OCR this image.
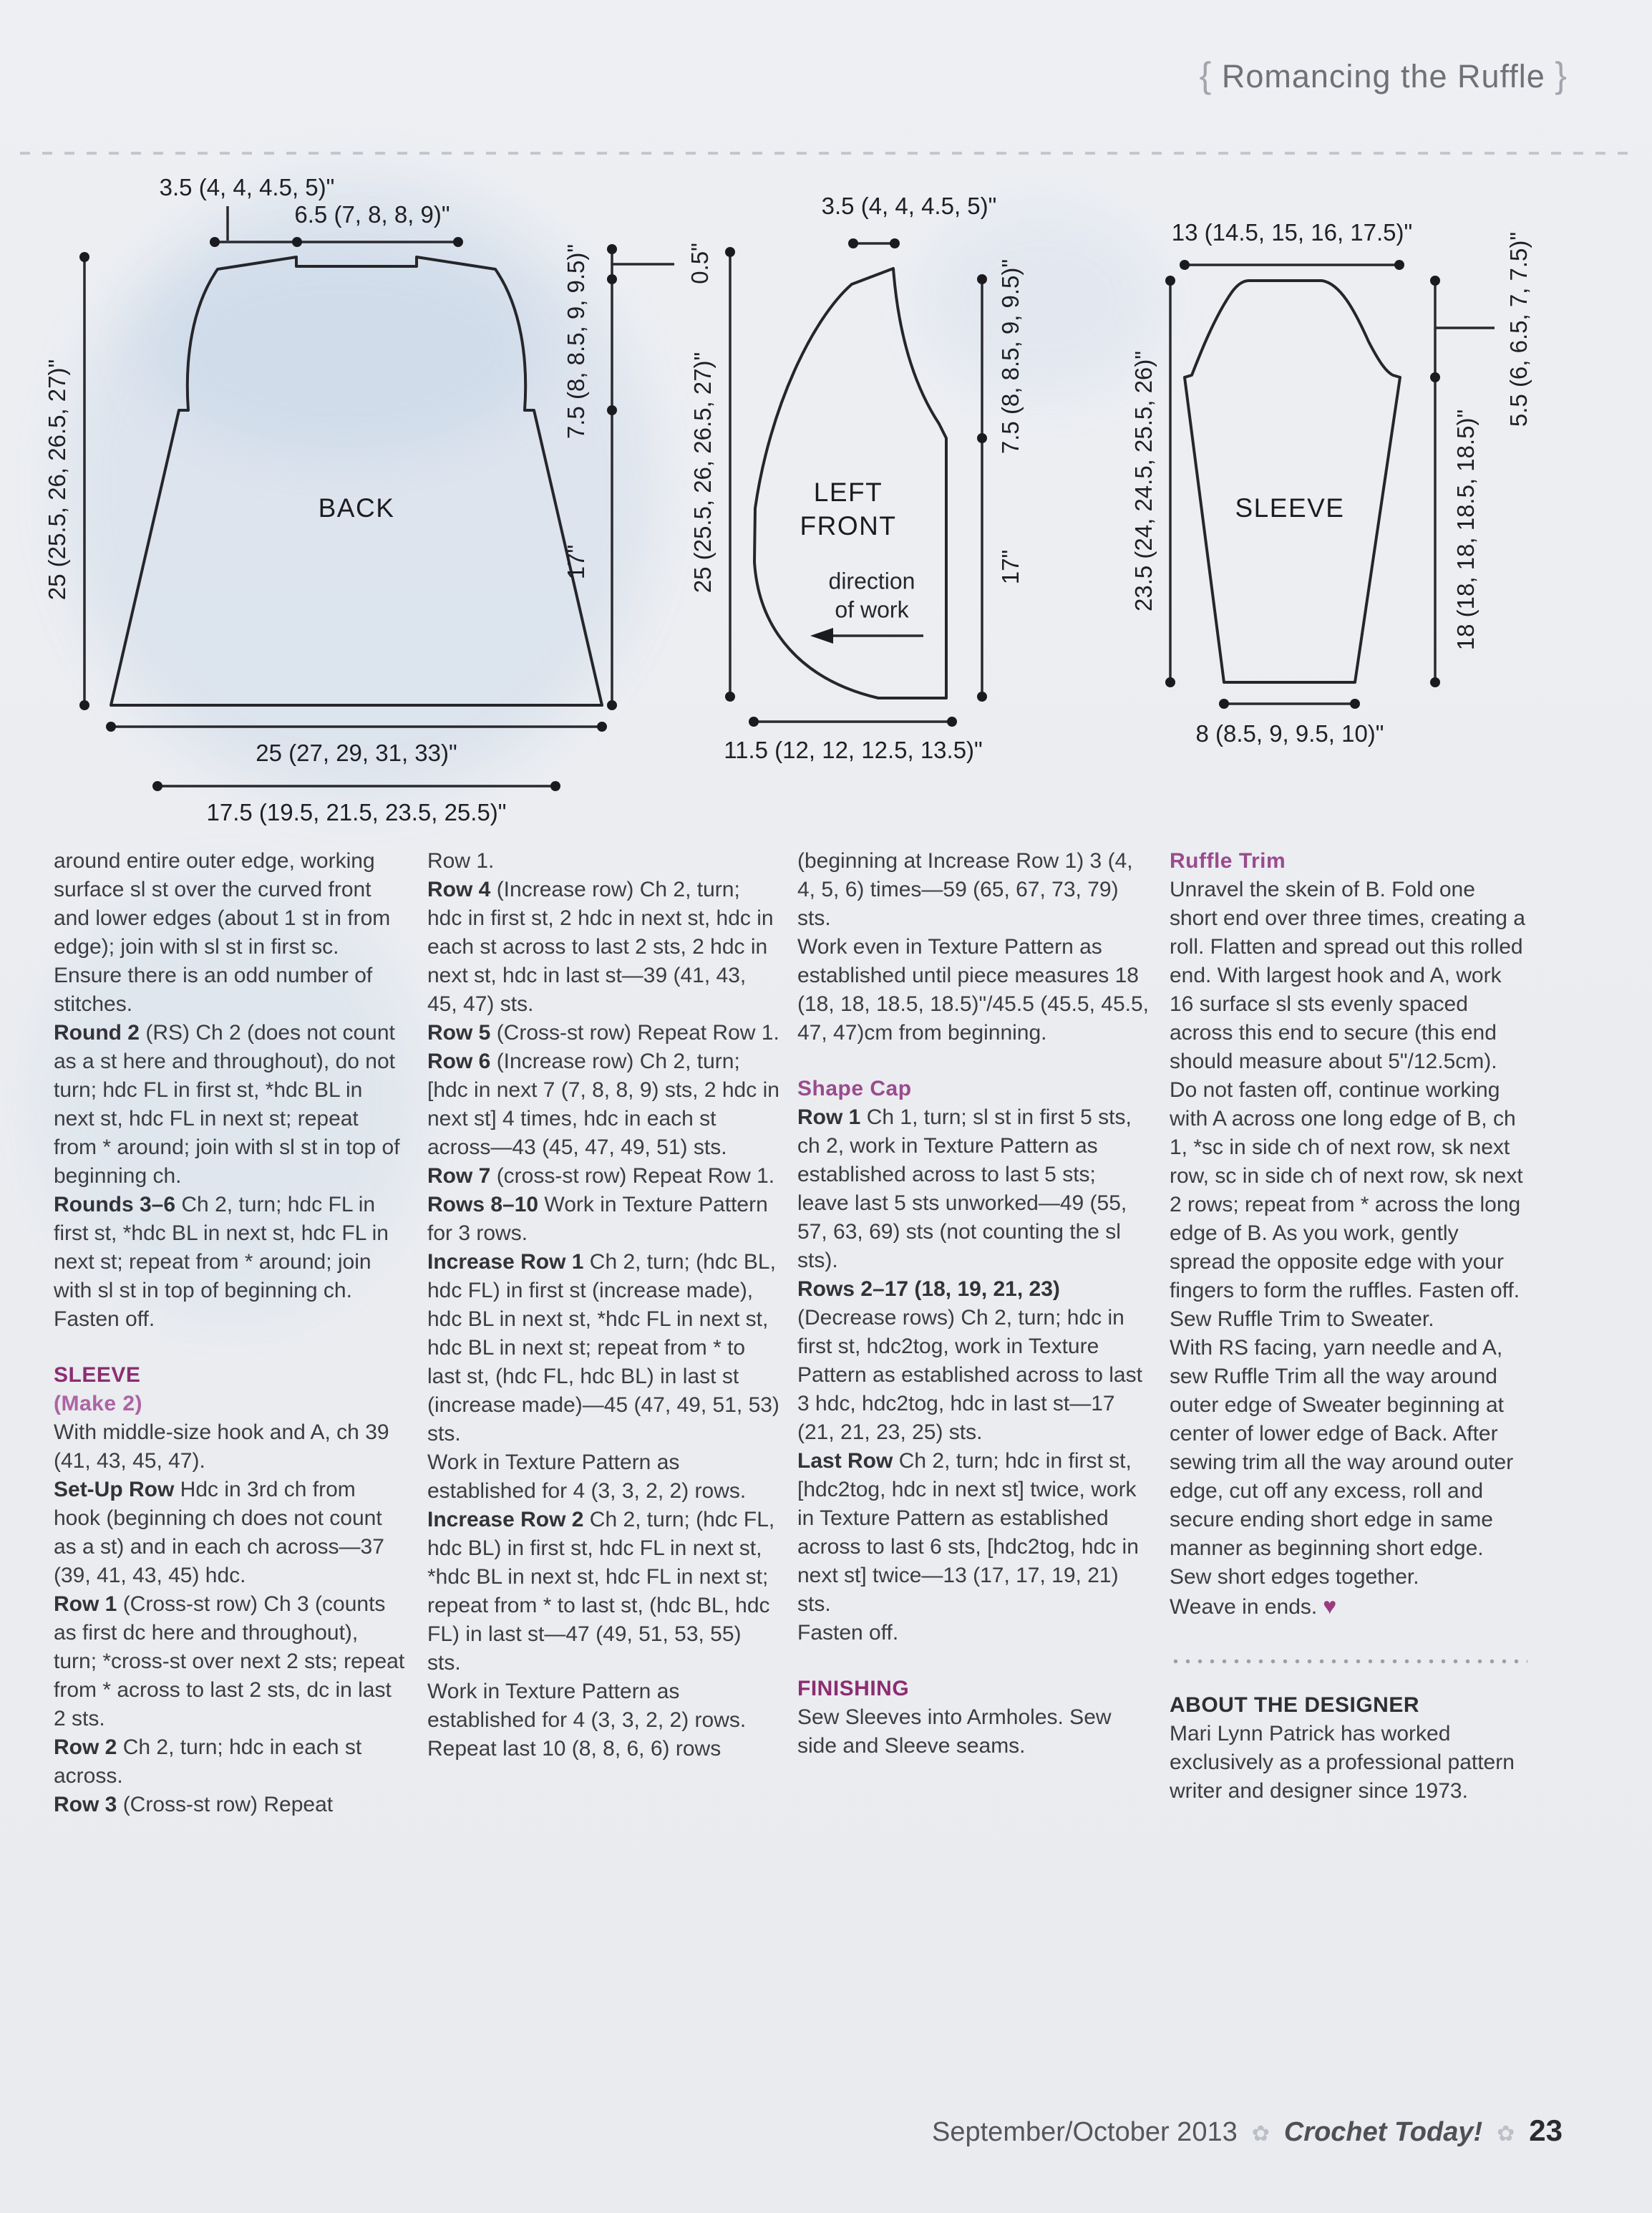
{ Romancing the Ruffle }
3.5 (4, 4, 4.5, 5)"
6.5 (7, 8, 8, 9)"
25 (25.5, 26, 26.5, 27)"
0.5"
7.5 (8, 8.5, 9, 9.5)"
17"
BACK
25 (27, 29, 31, 33)"
17.5 (19.5, 21.5, 23.5, 25.5)"
3.5 (4, 4, 4.5, 5)"
25 (25.5, 26, 26.5, 27)"	7.5 (8, 8.5, 9, 9.5)"
17"
LEFT
FRONT
direction
of work
11.5 (12, 12, 12.5, 13.5)"
13 (14.5, 15, 16, 17.5)"
23.5 (24, 24.5, 25.5, 26)"
5.5 (6, 6.5, 7, 7.5)"
18 (18, 18, 18.5, 18.5)"
SLEEVE
8 (8.5, 9, 9.5, 10)"

around entire outer edge, working surface sl st over the curved front and lower edges (about 1 st in from edge); join with sl st in first sc. Ensure there is an odd number of stitches.

Round 2 (RS) Ch 2 (does not count as a st here and throughout), do not turn; hdc FL in first st, *hdc BL in next st, hdc FL in next st; repeat from * around; join with sl st in top of beginning ch.

Rounds 3–6 Ch 2, turn; hdc FL in first st, *hdc BL in next st, hdc FL in next st; repeat from * around; join with sl st in top of beginning ch.

Fasten off.

SLEEVE
(Make 2)

With middle-size hook and A, ch 39 (41, 43, 45, 47).

Set-Up Row Hdc in 3rd ch from hook (beginning ch does not count as a st) and in each ch across—37 (39, 41, 43, 45) hdc.

Row 1 (Cross-st row) Ch 3 (counts as first dc here and throughout), turn; *cross-st over next 2 sts; repeat from * across to last 2 sts, dc in last 2 sts.

Row 2 Ch 2, turn; hdc in each st across.

Row 3 (Cross-st row) Repeat

Row 1.

Row 4 (Increase row) Ch 2, turn; hdc in first st, 2 hdc in next st, hdc in each st across to last 2 sts, 2 hdc in next st, hdc in last st—39 (41, 43, 45, 47) sts.

Row 5 (Cross-st row) Repeat Row 1.

Row 6 (Increase row) Ch 2, turn; [hdc in next 7 (7, 8, 8, 9) sts, 2 hdc in next st] 4 times, hdc in each st across—43 (45, 47, 49, 51) sts.

Row 7 (cross-st row) Repeat Row 1.

Rows 8–10 Work in Texture Pattern for 3 rows.

Increase Row 1 Ch 2, turn; (hdc BL, hdc FL) in first st (increase made), hdc BL in next st, *hdc FL in next st, hdc BL in next st; repeat from * to last st, (hdc FL, hdc BL) in last st (increase made)—45 (47, 49, 51, 53) sts.

Work in Texture Pattern as established for 4 (3, 3, 2, 2) rows.

Increase Row 2 Ch 2, turn; (hdc FL, hdc BL) in first st, hdc FL in next st, *hdc BL in next st, hdc FL in next st; repeat from * to last st, (hdc BL, hdc FL) in last st—47 (49, 51, 53, 55) sts.

Work in Texture Pattern as established for 4 (3, 3, 2, 2) rows.

Repeat last 10 (8, 8, 6, 6) rows

(beginning at Increase Row 1) 3 (4, 4, 5, 6) times—59 (65, 67, 73, 79) sts.

Work even in Texture Pattern as established until piece measures 18 (18, 18, 18.5, 18.5)"/45.5 (45.5, 45.5, 47, 47)cm from beginning.

Shape Cap

Row 1 Ch 1, turn; sl st in first 5 sts, ch 2, work in Texture Pattern as established across to last 5 sts; leave last 5 sts unworked—49 (55, 57, 63, 69) sts (not counting the sl sts).

Rows 2–17 (18, 19, 21, 23) (Decrease rows) Ch 2, turn; hdc in first st, hdc2tog, work in Texture Pattern as established across to last 3 hdc, hdc2tog, hdc in last st—17 (21, 21, 23, 25) sts.

Last Row Ch 2, turn; hdc in first st, [hdc2tog, hdc in next st] twice, work in Texture Pattern as established across to last 6 sts, [hdc2tog, hdc in next st] twice—13 (17, 17, 19, 21) sts.

Fasten off.

FINISHING

Sew Sleeves into Armholes. Sew side and Sleeve seams.

Ruffle Trim

Unravel the skein of B. Fold one short end over three times, creating a roll. Flatten and spread out this rolled end. With largest hook and A, work 16 surface sl sts evenly spaced across this end to secure (this end should measure about 5"/12.5cm). Do not fasten off, continue working with A across one long edge of B, ch 1, *sc in side ch of next row, sk next row, sc in side ch of next row, sk next 2 rows; repeat from * across the long edge of B. As you work, gently spread the opposite edge with your fingers to form the ruffles. Fasten off.

Sew Ruffle Trim to Sweater.

With RS facing, yarn needle and A, sew Ruffle Trim all the way around outer edge of Sweater beginning at center of lower edge of Back. After sewing trim all the way around outer edge, cut off any excess, roll and secure ending short edge in same manner as beginning short edge. Sew short edges together.

Weave in ends. ♥

ABOUT THE DESIGNER

Mari Lynn Patrick has worked exclusively as a professional pattern writer and designer since 1973.

September/October 2013 ✿ Crochet Today! ✿ 23
